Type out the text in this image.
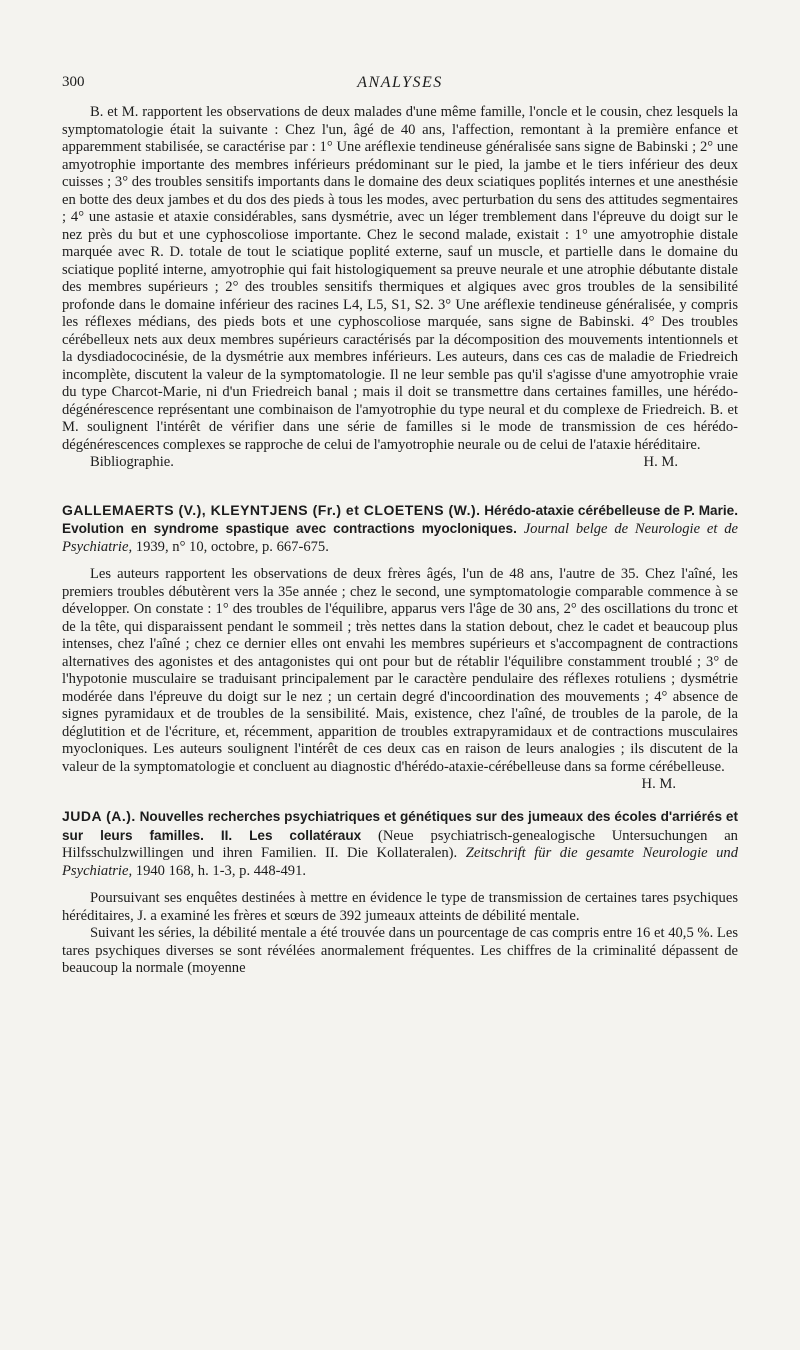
300	ANALYSES

B. et M. rapportent les observations de deux malades d'une même famille, l'oncle et le cousin, chez lesquels la symptomatologie était la suivante : Chez l'un, âgé de 40 ans, l'affection, remontant à la première enfance et apparemment stabilisée, se caractérise par : 1° Une aréflexie tendineuse généralisée sans signe de Babinski ; 2° une amyotrophie importante des membres inférieurs prédominant sur le pied, la jambe et le tiers inférieur des deux cuisses ; 3° des troubles sensitifs importants dans le domaine des deux sciatiques poplités internes et une anesthésie en botte des deux jambes et du dos des pieds à tous les modes, avec perturbation du sens des attitudes segmentaires ; 4° une astasie et ataxie considérables, sans dysmétrie, avec un léger tremblement dans l'épreuve du doigt sur le nez près du but et une cyphoscoliose importante. Chez le second malade, existait : 1° une amyotrophie distale marquée avec R. D. totale de tout le sciatique poplité externe, sauf un muscle, et partielle dans le domaine du sciatique poplité interne, amyotrophie qui fait histologiquement sa preuve neurale et une atrophie débutante distale des membres supérieurs ; 2° des troubles sensitifs thermiques et algiques avec gros troubles de la sensibilité profonde dans le domaine inférieur des racines L4, L5, S1, S2. 3° Une aréflexie tendineuse généralisée, y compris les réflexes médians, des pieds bots et une cyphoscoliose marquée, sans signe de Babinski. 4° Des troubles cérébelleux nets aux deux membres supérieurs caractérisés par la décomposition des mouvements intentionnels et la dysdiadococinésie, de la dysmétrie aux membres inférieurs. Les auteurs, dans ces cas de maladie de Friedreich incomplète, discutent la valeur de la symptomatologie. Il ne leur semble pas qu'il s'agisse d'une amyotrophie vraie du type Charcot-Marie, ni d'un Friedreich banal ; mais il doit se transmettre dans certaines familles, une hérédo-dégénérescence représentant une combinaison de l'amyotrophie du type neural et du complexe de Friedreich. B. et M. soulignent l'intérêt de vérifier dans une série de familles si le mode de transmission de ces hérédo-dégénérescences complexes se rapproche de celui de l'amyotrophie neurale ou de celui de l'ataxie héréditaire.

Bibliographie.	H. M.

GALLEMAERTS (V.), KLEYNTJENS (Fr.) et CLOETENS (W.). Hérédo-ataxie cérébelleuse de P. Marie. Evolution en syndrome spastique avec contractions myocloniques. Journal belge de Neurologie et de Psychiatrie, 1939, n° 10, octobre, p. 667-675.

Les auteurs rapportent les observations de deux frères âgés, l'un de 48 ans, l'autre de 35. Chez l'aîné, les premiers troubles débutèrent vers la 35e année ; chez le second, une symptomatologie comparable commence à se développer. On constate : 1° des troubles de l'équilibre, apparus vers l'âge de 30 ans, 2° des oscillations du tronc et de la tête, qui disparaissent pendant le sommeil ; très nettes dans la station debout, chez le cadet et beaucoup plus intenses, chez l'aîné ; chez ce dernier elles ont envahi les membres supérieurs et s'accompagnent de contractions alternatives des agonistes et des antagonistes qui ont pour but de rétablir l'équilibre constamment troublé ; 3° de l'hypotonie musculaire se traduisant principalement par le caractère pendulaire des réflexes rotuliens ; dysmétrie modérée dans l'épreuve du doigt sur le nez ; un certain degré d'incoordination des mouvements ; 4° absence de signes pyramidaux et de troubles de la sensibilité. Mais, existence, chez l'aîné, de troubles de la parole, de la déglutition et de l'écriture, et, récemment, apparition de troubles extrapyramidaux et de contractions musculaires myocloniques. Les auteurs soulignent l'intérêt de ces deux cas en raison de leurs analogies ; ils discutent de la valeur de la symptomatologie et concluent au diagnostic d'hérédo-ataxie-cérébelleuse dans sa forme cérébelleuse.
H. M.

JUDA (A.). Nouvelles recherches psychiatriques et génétiques sur des jumeaux des écoles d'arriérés et sur leurs familles. II. Les collatéraux (Neue psychiatrisch-genealogische Untersuchungen an Hilfsschulzwillingen und ihren Familien. II. Die Kollateralen). Zeitschrift für die gesamte Neurologie und Psychiatrie, 1940 168, h. 1-3, p. 448-491.

Poursuivant ses enquêtes destinées à mettre en évidence le type de transmission de certaines tares psychiques héréditaires, J. a examiné les frères et sœurs de 392 jumeaux atteints de débilité mentale.

Suivant les séries, la débilité mentale a été trouvée dans un pourcentage de cas compris entre 16 et 40,5 %. Les tares psychiques diverses se sont révélées anormalement fréquentes. Les chiffres de la criminalité dépassent de beaucoup la normale (moyenne
